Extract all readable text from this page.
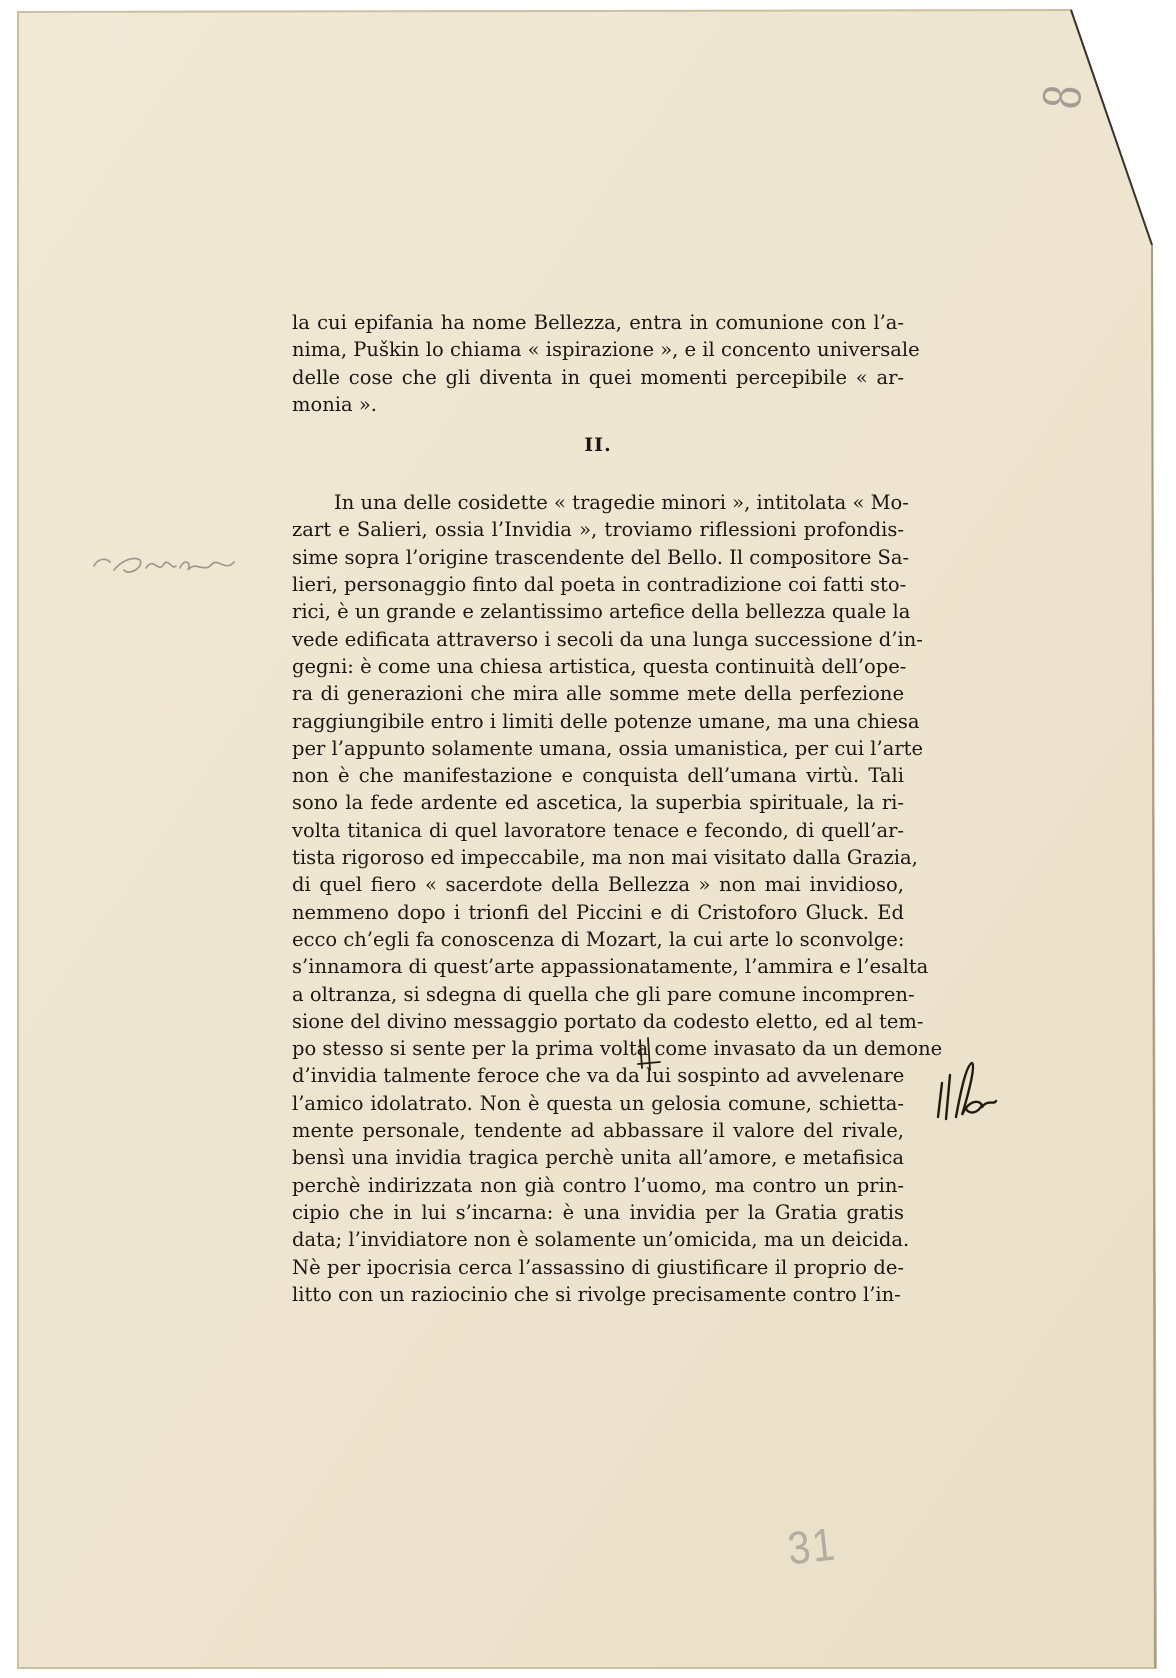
8
la cui epifania ha nome Bellezza, entra in comunione con l’a-
nima, Puškin lo chiama « ispirazione », e il concento universale
delle cose che gli diventa in quei momenti percepibile « ar-
monia ».
II.
In una delle cosidette « tragedie minori », intitolata « Mo-
zart e Salieri, ossia l’Invidia », troviamo riflessioni profondis-
sime sopra l’origine trascendente del Bello. Il compositore Sa-
lieri, personaggio finto dal poeta in contradizione coi fatti sto-
rici, è un grande e zelantissimo artefice della bellezza quale la
vede edificata attraverso i secoli da una lunga successione d’in-
gegni: è come una chiesa artistica, questa continuità dell’ope-
ra di generazioni che mira alle somme mete della perfezione
raggiungibile entro i limiti delle potenze umane, ma una chiesa
per l’appunto solamente umana, ossia umanistica, per cui l’arte
non è che manifestazione e conquista dell’umana virtù. Tali
sono la fede ardente ed ascetica, la superbia spirituale, la ri-
volta titanica di quel lavoratore tenace e fecondo, di quell’ar-
tista rigoroso ed impeccabile, ma non mai visitato dalla Grazia,
di quel fiero « sacerdote della Bellezza » non mai invidioso,
nemmeno dopo i trionfi del Piccini e di Cristoforo Gluck. Ed
ecco ch’egli fa conoscenza di Mozart, la cui arte lo sconvolge:
s’innamora di quest’arte appassionatamente, l’ammira e l’esalta
a oltranza, si sdegna di quella che gli pare comune incompren-
sione del divino messaggio portato da codesto eletto, ed al tem-
po stesso si sente per la prima volta come invasato da un demone
d’invidia talmente feroce che va da lui sospinto ad avvelenare
l’amico idolatrato. Non è questa un gelosia comune, schietta-
mente personale, tendente ad abbassare il valore del rivale,
bensì una invidia tragica perchè unita all’amore, e metafisica
perchè indirizzata non già contro l’uomo, ma contro un prin-
cipio che in lui s’incarna: è una invidia per la Gratia gratis
data; l’invidiatore non è solamente un’omicida, ma un deicida.
Nè per ipocrisia cerca l’assassino di giustificare il proprio de-
litto con un raziocinio che si rivolge precisamente contro l’in-
31
